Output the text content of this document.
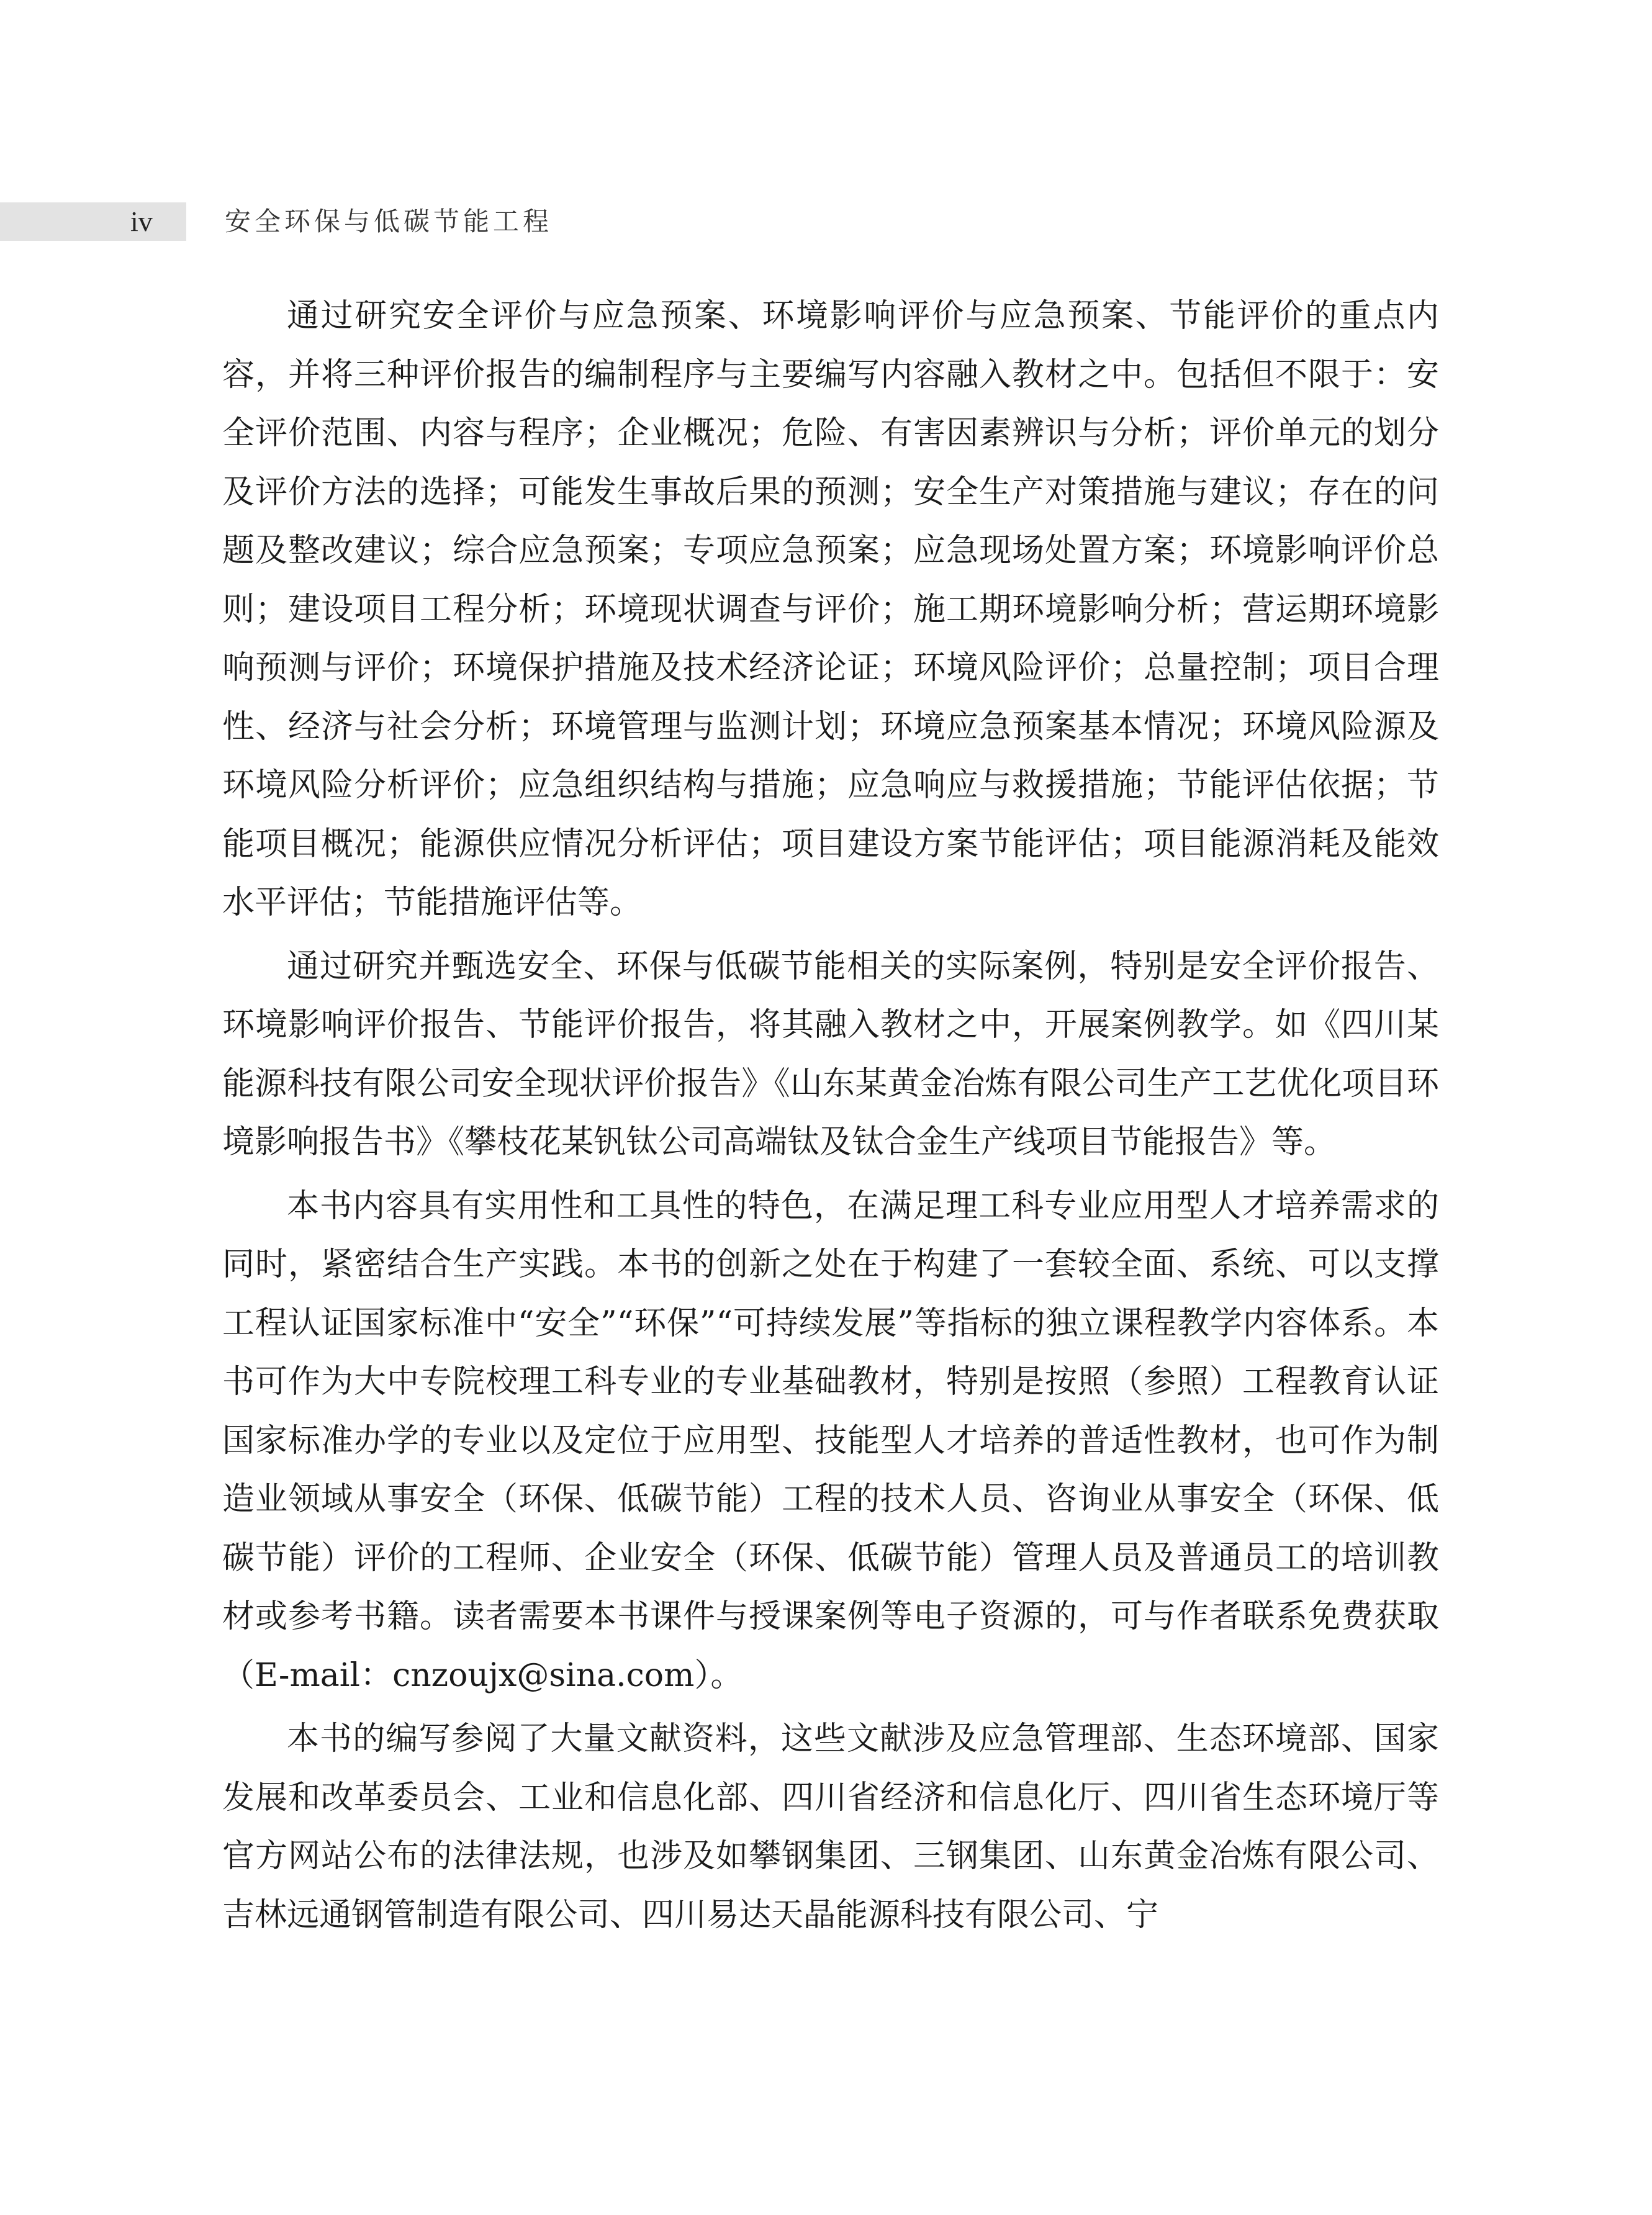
iv	安全环保与低碳节能工程

通过研究安全评价与应急预案、环境影响评价与应急预案、节能评价的重点内容，并将三种评价报告的编制程序与主要编写内容融入教材之中。包括但不限于：安全评价范围、内容与程序；企业概况；危险、有害因素辨识与分析；评价单元的划分及评价方法的选择；可能发生事故后果的预测；安全生产对策措施与建议；存在的问题及整改建议；综合应急预案；专项应急预案；应急现场处置方案；环境影响评价总则；建设项目工程分析；环境现状调查与评价；施工期环境影响分析；营运期环境影响预测与评价；环境保护措施及技术经济论证；环境风险评价；总量控制；项目合理性、经济与社会分析；环境管理与监测计划；环境应急预案基本情况；环境风险源及环境风险分析评价；应急组织结构与措施；应急响应与救援措施；节能评估依据；节能项目概况；能源供应情况分析评估；项目建设方案节能评估；项目能源消耗及能效水平评估；节能措施评估等。

通过研究并甄选安全、环保与低碳节能相关的实际案例，特别是安全评价报告、环境影响评价报告、节能评价报告，将其融入教材之中，开展案例教学。如《四川某能源科技有限公司安全现状评价报告》《山东某黄金冶炼有限公司生产工艺优化项目环境影响报告书》《攀枝花某钒钛公司高端钛及钛合金生产线项目节能报告》等。

本书内容具有实用性和工具性的特色，在满足理工科专业应用型人才培养需求的同时，紧密结合生产实践。本书的创新之处在于构建了一套较全面、系统、可以支撑工程认证国家标准中“安全”“环保”“可持续发展”等指标的独立课程教学内容体系。本书可作为大中专院校理工科专业的专业基础教材，特别是按照（参照）工程教育认证国家标准办学的专业以及定位于应用型、技能型人才培养的普适性教材，也可作为制造业领域从事安全（环保、低碳节能）工程的技术人员、咨询业从事安全（环保、低碳节能）评价的工程师、企业安全（环保、低碳节能）管理人员及普通员工的培训教材或参考书籍。读者需要本书课件与授课案例等电子资源的，可与作者联系免费获取（E-mail：cnzoujx@sina.com）。

本书的编写参阅了大量文献资料，这些文献涉及应急管理部、生态环境部、国家发展和改革委员会、工业和信息化部、四川省经济和信息化厅、四川省生态环境厅等官方网站公布的法律法规，也涉及如攀钢集团、三钢集团、山东黄金冶炼有限公司、吉林远通钢管制造有限公司、四川易达天晶能源科技有限公司、宁
